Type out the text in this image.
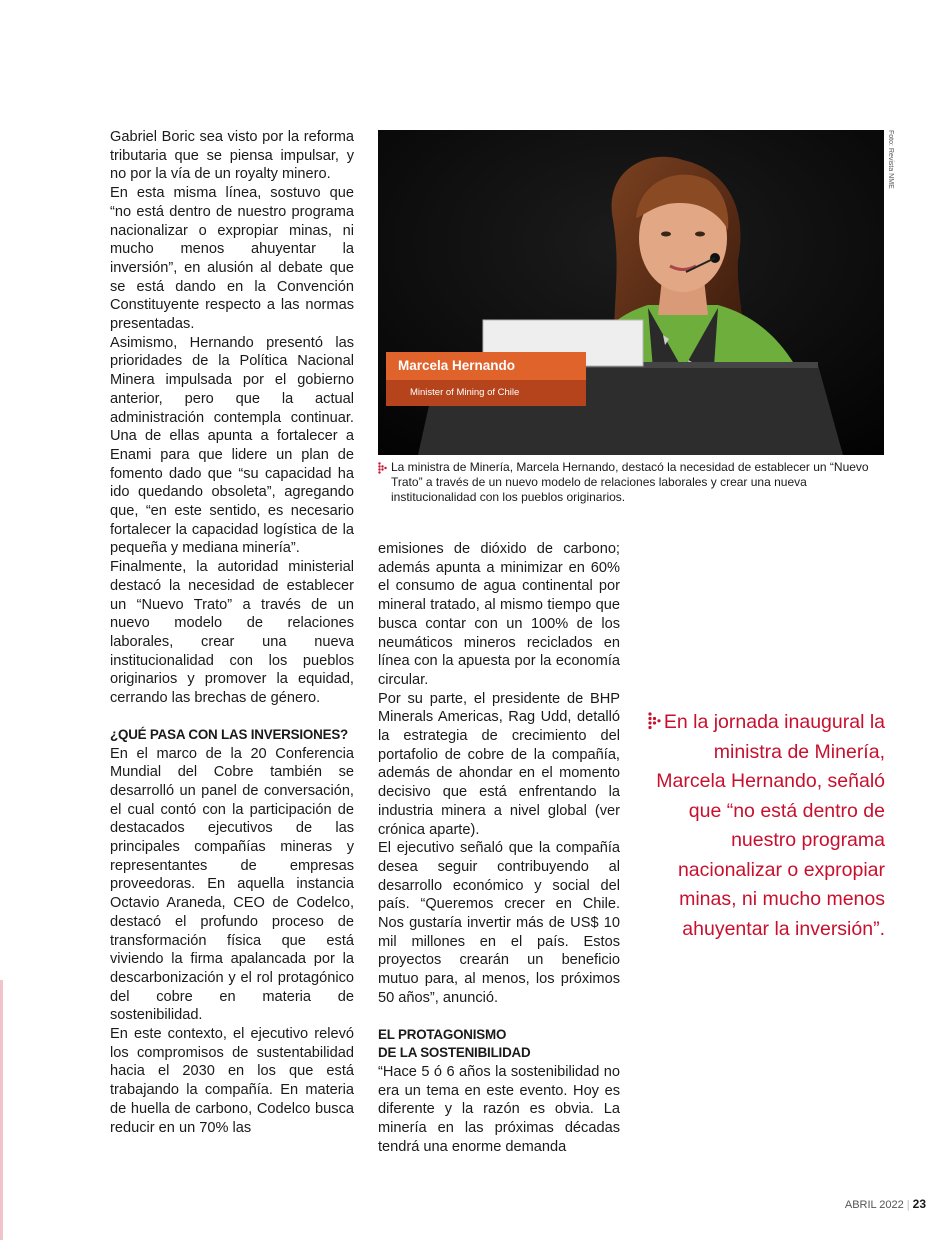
Gabriel Boric sea visto por la reforma tributaria que se piensa impulsar, y no por la vía de un royalty minero.

En esta misma línea, sostuvo que “no está dentro de nuestro programa nacionalizar o expropiar minas, ni mucho menos ahuyentar la inversión”, en alusión al debate que se está dando en la Convención Constituyente respecto a las normas presentadas.

Asimismo, Hernando presentó las prioridades de la Política Nacional Minera impulsada por el gobierno anterior, pero que la actual administración contempla continuar. Una de ellas apunta a fortalecer a Enami para que lidere un plan de fomento dado que “su capacidad ha ido quedando obsoleta”, agregando que, “en este sentido, es necesario fortalecer la capacidad logística de la pequeña y mediana minería”.

Finalmente, la autoridad ministerial destacó la necesidad de establecer un “Nuevo Trato” a través de un nuevo modelo de relaciones laborales, crear una nueva institucionalidad con los pueblos originarios y promover la equidad, cerrando las brechas de género.

¿QUÉ PASA CON LAS INVERSIONES?

En el marco de la 20 Conferencia Mundial del Cobre también se desarrolló un panel de conversación, el cual contó con la participación de destacados ejecutivos de las principales compañías mineras y representantes de empresas proveedoras. En aquella instancia Octavio Araneda, CEO de Codelco, destacó el profundo proceso de transformación física que está viviendo la firma apalancada por la descarbonización y el rol protagónico del cobre en materia de sostenibilidad.

En este contexto, el ejecutivo relevó los compromisos de sustentabilidad hacia el 2030 en los que está trabajando la compañía. En materia de huella de carbono, Codelco busca reducir en un 70% las

Marcela Hernando
Minister of Mining of Chile
Foto: Revista NME
La ministra de Minería, Marcela Hernando, destacó la necesidad de establecer un “Nuevo Trato” a través de un nuevo modelo de relaciones laborales y crear una nueva institucionalidad con los pueblos originarios.

emisiones de dióxido de carbono; además apunta a minimizar en 60% el consumo de agua continental por mineral tratado, al mismo tiempo que busca contar con un 100% de los neumáticos mineros reciclados en línea con la apuesta por la economía circular.

Por su parte, el presidente de BHP Minerals Americas, Rag Udd, detalló la estrategia de crecimiento del portafolio de cobre de la compañía, además de ahondar en el momento decisivo que está enfrentando la industria minera a nivel global (ver crónica aparte).

El ejecutivo señaló que la compañía desea seguir contribuyendo al desarrollo económico y social del país. “Queremos crecer en Chile. Nos gustaría invertir más de US$ 10 mil millones en el país. Estos proyectos crearán un beneficio mutuo para, al menos, los próximos 50 años”, anunció.

EL PROTAGONISMO

DE LA SOSTENIBILIDAD

“Hace 5 ó 6 años la sostenibilidad no era un tema en este evento. Hoy es diferente y la razón es obvia. La minería en las próximas décadas tendrá una enorme demanda

En la jornada inaugural la ministra de Minería, Marcela Hernando, señaló que “no está dentro de nuestro programa nacionalizar o expropiar minas, ni mucho menos ahuyentar la inversión”.
ABRIL 2022 | 23
